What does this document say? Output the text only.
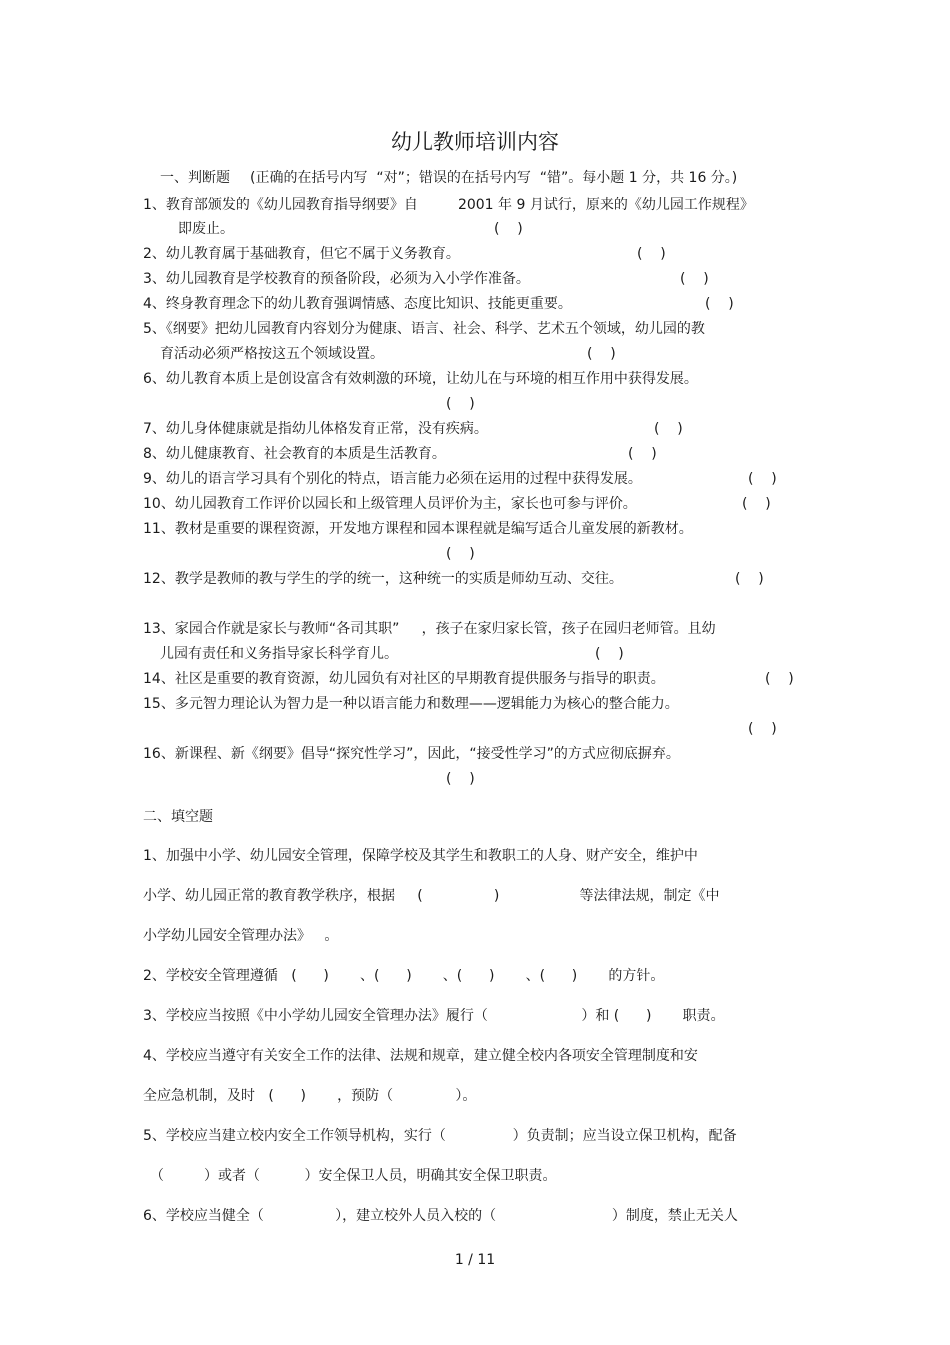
幼儿教师培训内容
一、判断题 (正确的在括号内写  “对”；错误的在括号内写  “错”。每小题 1 分，共 16 分。)
1、教育部颁发的《幼儿园教育指导纲要》自         2001 年 9 月试行，原来的《幼儿园工作规程》
即废止。	(    )
2、幼儿教育属于基础教育，但它不属于义务教育。	(    )
3、幼儿园教育是学校教育的预备阶段，必须为入小学作准备。	(    )
4、终身教育理念下的幼儿教育强调情感、态度比知识、技能更重要。	(    )
5、《纲要》把幼儿园教育内容划分为健康、语言、社会、科学、艺术五个领域，幼儿园的教
育活动必须严格按这五个领域设置。	(    )
6、幼儿教育本质上是创设富含有效刺激的环境，让幼儿在与环境的相互作用中获得发展。
(    )
7、幼儿身体健康就是指幼儿体格发育正常，没有疾病。	(    )
8、幼儿健康教育、社会教育的本质是生活教育。	(    )
9、幼儿的语言学习具有个别化的特点，语言能力必须在运用的过程中获得发展。	(    )
10、幼儿园教育工作评价以园长和上级管理人员评价为主，家长也可参与评价。	(    )
11、教材是重要的课程资源，开发地方课程和园本课程就是编写适合儿童发展的新教材。
(    )
12、教学是教师的教与学生的学的统一，这种统一的实质是师幼互动、交往。	(    )
13、家园合作就是家长与教师“各司其职”     ，孩子在家归家长管，孩子在园归老师管。且幼
儿园有责任和义务指导家长科学育儿。	(    )
14、社区是重要的教育资源，幼儿园负有对社区的早期教育提供服务与指导的职责。	(    )
15、多元智力理论认为智力是一种以语言能力和数理——逻辑能力为核心的整合能力。
(    )
16、新课程、新《纲要》倡导“探究性学习”，因此，“接受性学习”的方式应彻底摒弃。
(    )
二、填空题
1、加强中小学、幼儿园安全管理，保障学校及其学生和教职工的人身、财产安全，维护中
小学、幼儿园正常的教育教学秩序，根据     (                )                  等法律法规，制定《中
小学幼儿园安全管理办法》   。
2、学校安全管理遵循   (      )       、(      )       、(      )       、(      )       的方针。
3、学校应当按照《中小学幼儿园安全管理办法》履行（                     ）和 (      )       职责。
4、学校应当遵守有关安全工作的法律、法规和规章，建立健全校内各项安全管理制度和安
全应急机制，及时   (      )       ，预防（              ）。
5、学校应当建立校内安全工作领导机构，实行（               ）负责制；应当设立保卫机构，配备
（         ）或者（          ）安全保卫人员，明确其安全保卫职责。
6、学校应当健全（                ），建立校外人员入校的（                          ）制度，禁止无关人
1 / 11
